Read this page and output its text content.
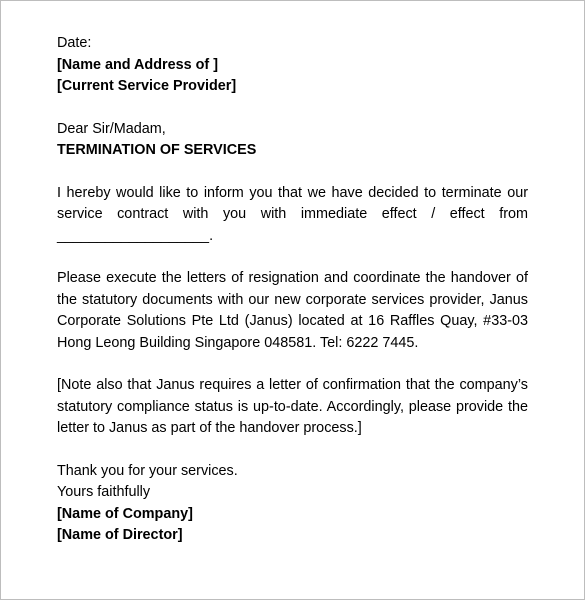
Date:
[Name and Address of ]
[Current Service Provider]
Dear Sir/Madam,
TERMINATION OF SERVICES
I hereby would like to inform you that we have decided to terminate our service contract with you with immediate effect / effect from ___________________.
Please execute the letters of resignation and coordinate the handover of the statutory documents with our new corporate services provider, Janus Corporate Solutions Pte Ltd (Janus) located at 16 Raffles Quay, #33-03 Hong Leong Building Singapore 048581. Tel: 6222 7445.
[Note also that Janus requires a letter of confirmation that the company’s statutory compliance status is up-to-date. Accordingly, please provide the letter to Janus as part of the handover process.]
Thank you for your services.
Yours faithfully
[Name of Company]
[Name of Director]
